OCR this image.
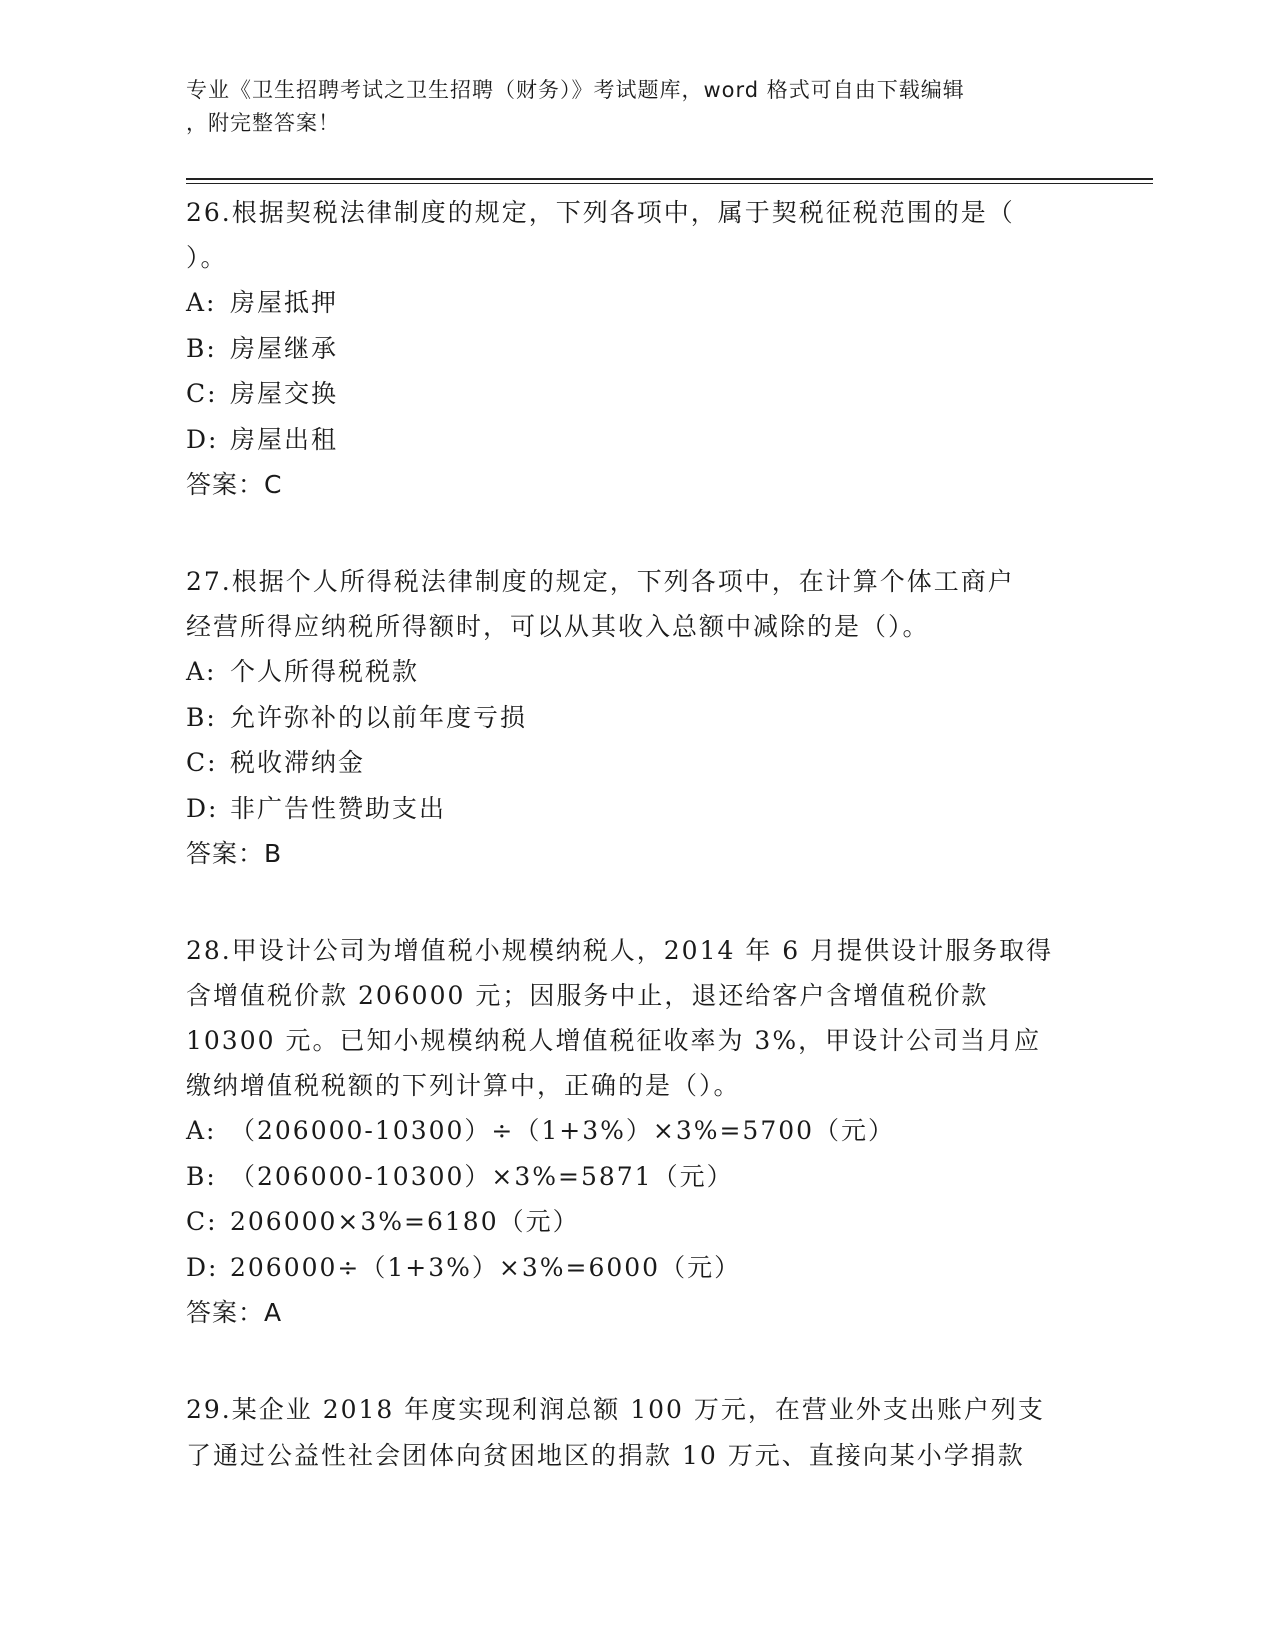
专业《卫生招聘考试之卫生招聘（财务）》考试题库，word 格式可自由下载编辑
，附完整答案！
26.根据契税法律制度的规定，下列各项中，属于契税征税范围的是（
）。
A: 房屋抵押
B: 房屋继承
C: 房屋交换
D: 房屋出租
答案：C
27.根据个人所得税法律制度的规定，下列各项中，在计算个体工商户
经营所得应纳税所得额时，可以从其收入总额中减除的是（）。
A: 个人所得税税款
B: 允许弥补的以前年度亏损
C: 税收滞纳金
D: 非广告性赞助支出
答案：B
28.甲设计公司为增值税小规模纳税人，2014 年 6 月提供设计服务取得
含增值税价款 206000 元；因服务中止，退还给客户含增值税价款
10300 元。已知小规模纳税人增值税征收率为 3%，甲设计公司当月应
缴纳增值税税额的下列计算中，正确的是（）。
A: （206000-10300）÷（1+3%）×3%=5700（元）
B: （206000-10300）×3%=5871（元）
C: 206000×3%=6180（元）
D: 206000÷（1+3%）×3%=6000（元）
答案：A
29.某企业 2018 年度实现利润总额 100 万元，在营业外支出账户列支
了通过公益性社会团体向贫困地区的捐款 10 万元、直接向某小学捐款
